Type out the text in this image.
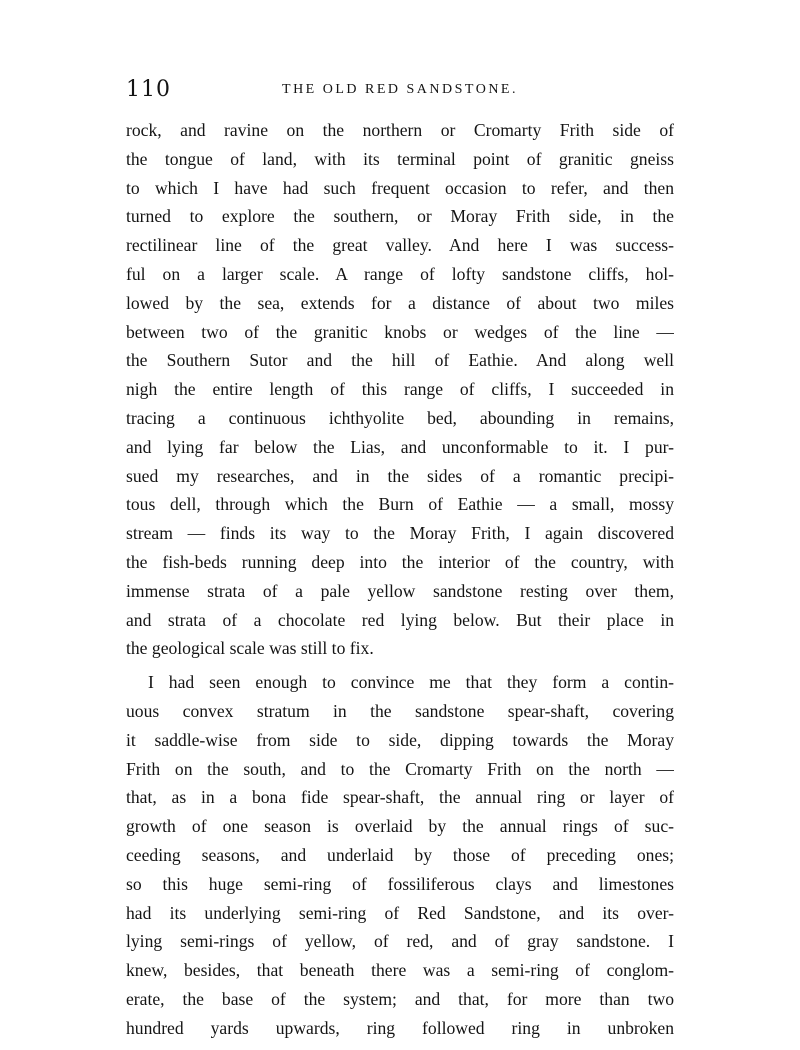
110	THE OLD RED SANDSTONE.
rock, and ravine on the northern or Cromarty Frith side of
the tongue of land, with its terminal point of granitic gneiss
to which I have had such frequent occasion to refer, and then
turned to explore the southern, or Moray Frith side, in the
rectilinear line of the great valley. And here I was success-
ful on a larger scale. A range of lofty sandstone cliffs, hol-
lowed by the sea, extends for a distance of about two miles
between two of the granitic knobs or wedges of the line —
the Southern Sutor and the hill of Eathie. And along well
nigh the entire length of this range of cliffs, I succeeded in
tracing a continuous ichthyolite bed, abounding in remains,
and lying far below the Lias, and unconformable to it. I pur-
sued my researches, and in the sides of a romantic precipi-
tous dell, through which the Burn of Eathie — a small, mossy
stream — finds its way to the Moray Frith, I again discovered
the fish-beds running deep into the interior of the country, with
immense strata of a pale yellow sandstone resting over them,
and strata of a chocolate red lying below. But their place in
the geological scale was still to fix.
I had seen enough to convince me that they form a contin-
uous convex stratum in the sandstone spear-shaft, covering
it saddle-wise from side to side, dipping towards the Moray
Frith on the south, and to the Cromarty Frith on the north —
that, as in a bona fide spear-shaft, the annual ring or layer of
growth of one season is overlaid by the annual rings of suc-
ceeding seasons, and underlaid by those of preceding ones;
so this huge semi-ring of fossiliferous clays and limestones
had its underlying semi-ring of Red Sandstone, and its over-
lying semi-rings of yellow, of red, and of gray sandstone. I
knew, besides, that beneath there was a semi-ring of conglom-
erate, the base of the system; and that, for more than two
hundred yards upwards, ring followed ring in unbroken
